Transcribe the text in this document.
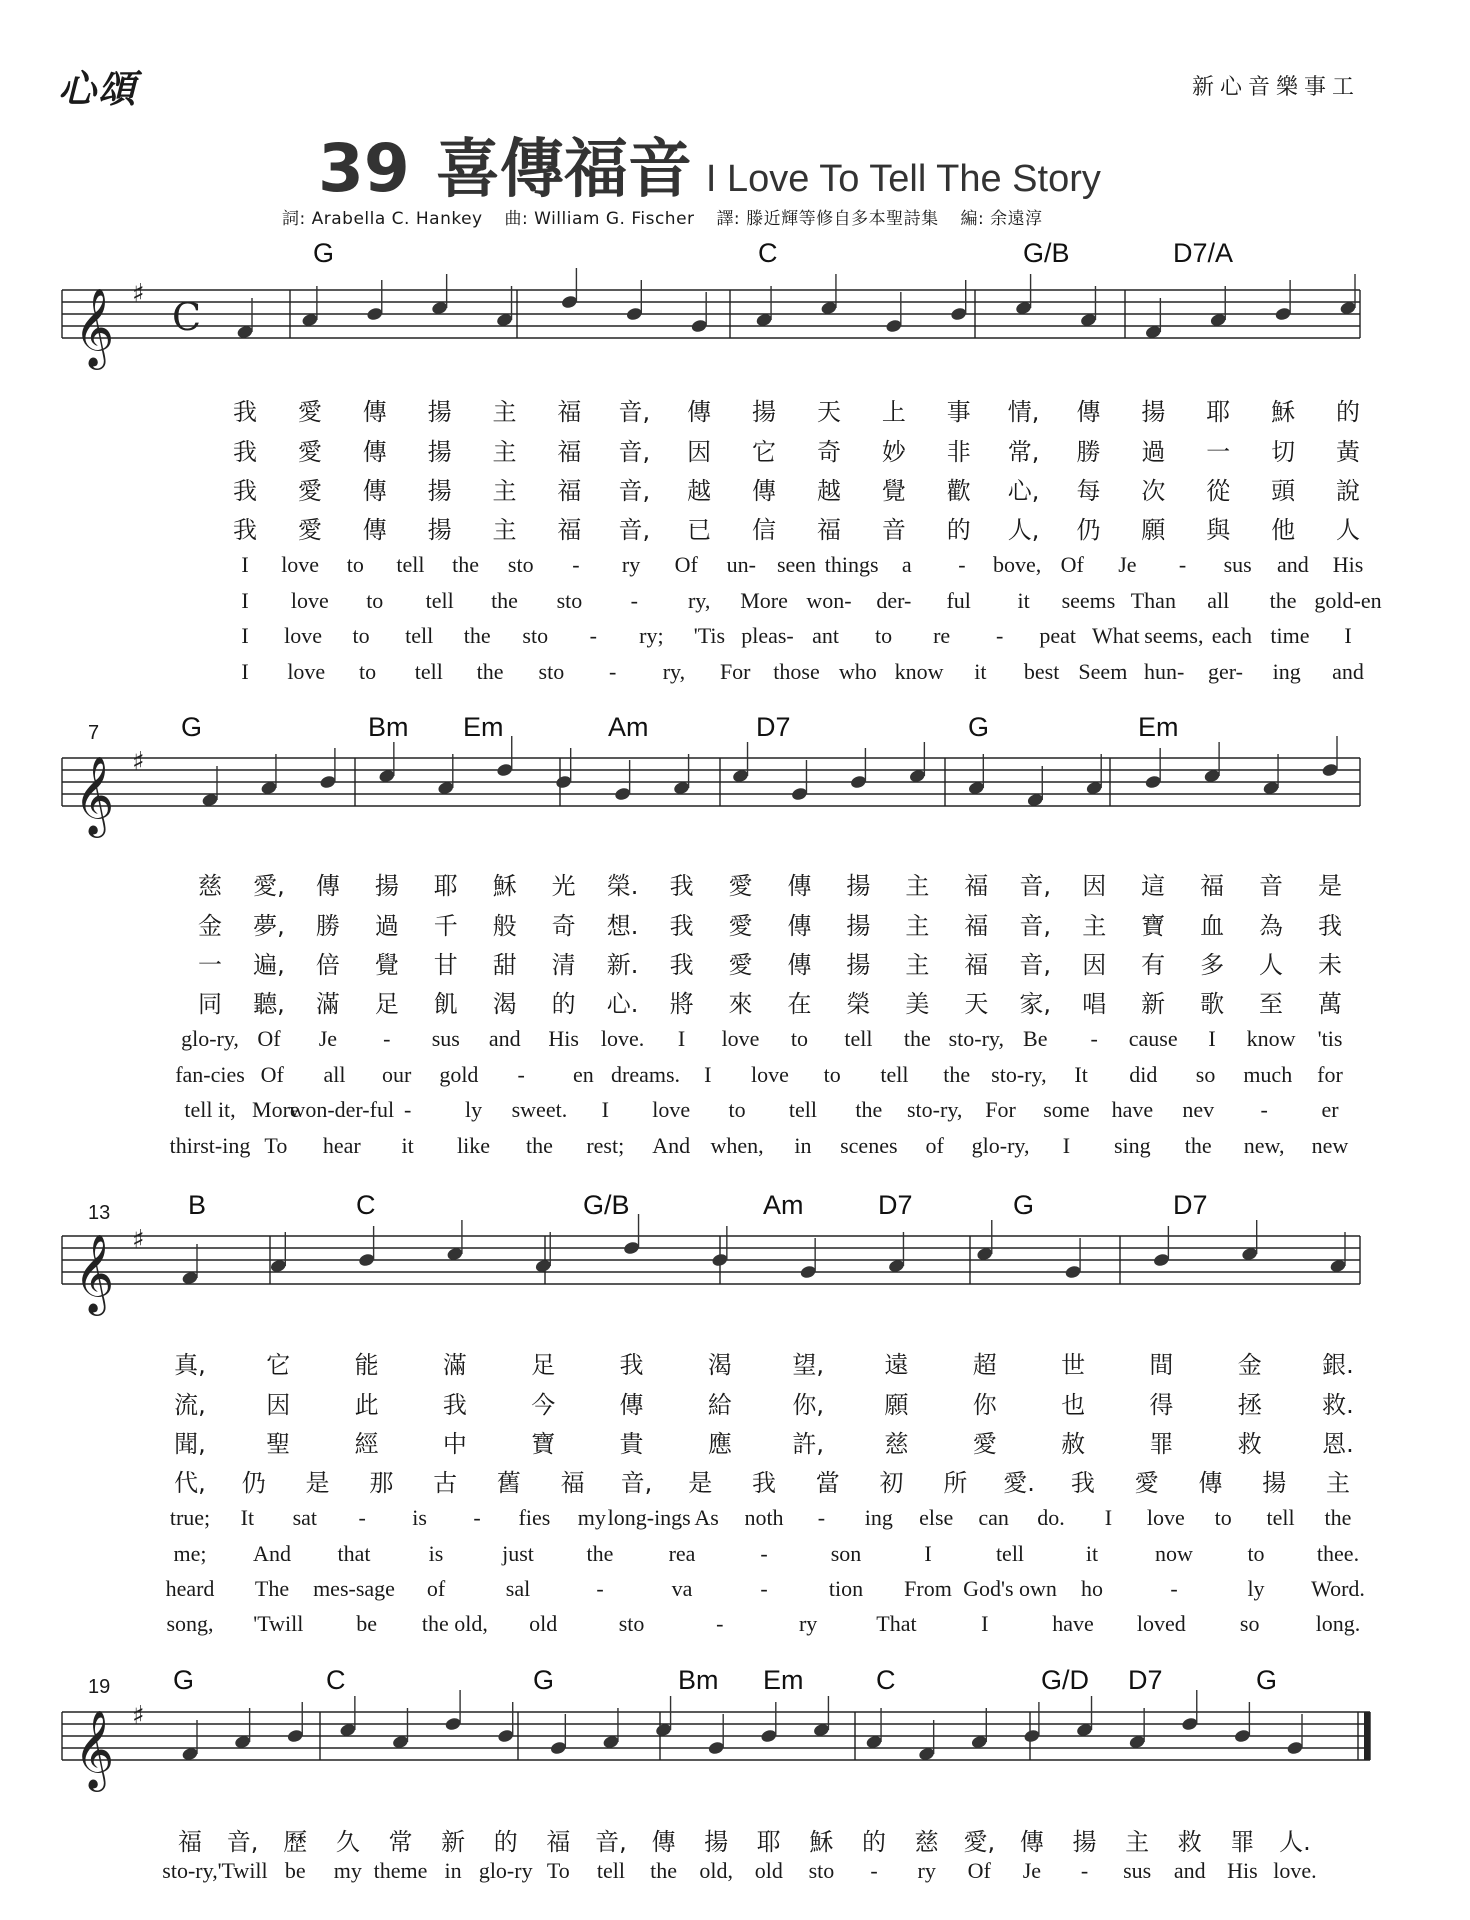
心頌	新心音樂事工
39 喜傳福音 I Love To Tell The Story
詞: Arabella C. Hankey 曲: William G. Fischer 譯: 滕近輝等修自多本聖詩集 編: 余遠淳
G	C	G/B	D7/A
𝄞 ♯
C
我 愛 傳 揚 主 福 音, 傳 揚 天 上 事 情, 傳 揚 耶 穌 的
我 愛 傳 揚 主 福 音, 因 它 奇 妙 非 常, 勝 過 一 切 黃
我 愛 傳 揚 主 福 音, 越 傳 越 覺 歡 心, 每 次 從 頭 說
我 愛 傳 揚 主 福 音, 已 信 福 音 的 人, 仍 願 與 他 人
I love to tell the sto - ry Of un- seen things a - bove, Of Je - sus and His
I love to tell the sto - ry, More won- der- ful it seems Than all the gold-en
I love to tell the sto - ry; 'Tis pleas- ant to re - peat What seems, each time I
I love to tell the sto - ry, For those who know it best Seem hun- ger- ing and
7	G	Bm Em	Am	D7	G	Em
𝄞 ♯
慈 愛, 傳 揚 耶 穌 光 榮. 我 愛 傳 揚 主 福 音, 因 這 福 音 是
金 夢, 勝 過 千 般 奇 想. 我 愛 傳 揚 主 福 音, 主 寶 血 為 我
一 遍, 倍 覺 甘 甜 清 新. 我 愛 傳 揚 主 福 音, 因 有 多 人 未
同 聽, 滿 足 飢 渴 的 心. 將 來 在 榮 美 天 家, 唱 新 歌 至 萬
glo-ry, Of Je - sus and His love. I love to tell the sto-ry, Be - cause I know 'tis
fan-cies Of all our gold - en dreams. I love to tell the sto-ry, It did so much for
tell it, More
won-der-ful - ly sweet. I love to tell the sto-ry, For some have nev - er
thirst-ing To hear it like the rest; And when, in scenes of glo-ry, I sing the new, new
13	B	C	G/B	Am	D7	G	D7
𝄞 ♯
真,	它	能	滿	足	我	渴	望,	遠	超	世	間	金	銀.
流,	因	此	我	今	傳	給	你,	願	你	也	得	拯	救.
聞,	聖	經	中	寶	貴	應	許,	慈	愛	赦	罪	救	恩.
代, 仍 是 那 古 舊 福 音, 是 我 當 初 所 愛. 我 愛 傳 揚 主
true; It sat - is - fies my long-ings As noth - ing else can do. I love to tell the
me; And that	is	just the	rea	-	son	I	tell	it	now to thee.
heard The mes-sage of	sal	-	va	-	tion From God's own ho	-	ly Word.
song, 'Twill be the old, old	sto	-	ry	That	I	have loved so	long.
19 G	C	G	Bm Em	C	G/D D7	G
𝄞 ♯
福 音, 歷 久 常 新 的 福 音, 傳 揚 耶 穌 的 慈 愛, 傳 揚 主 救 罪 人.
sto-ry, 'Twill be my theme in glo-ry To tell the old, old sto - ry Of Je - sus and His love.
